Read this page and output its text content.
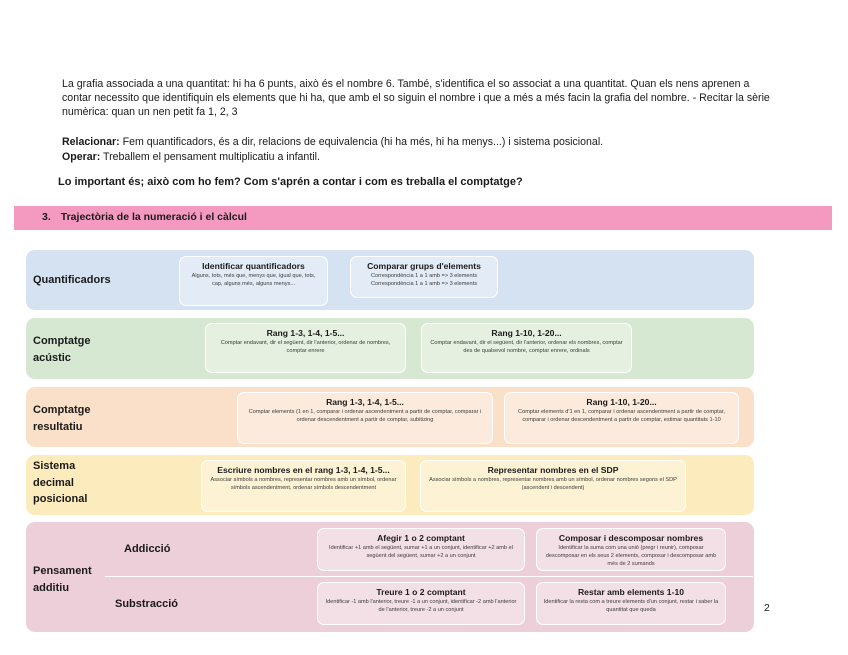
La grafia associada a una quantitat: hi ha 6 punts, això és el nombre 6. També, s'identifica el so associat a una quantitat. Quan els nens aprenen a contar necessito que identifiquin els elements que hi ha, que amb el so siguin el nombre i que a més a més facin la grafia del nombre. - Recitar la sèrie numèrica: quan un nen petit fa 1, 2, 3

Relacionar: Fem quantificadors, és a dir, relacions de equivalencia (hi ha més, hi ha menys...) i sistema posicional.

Operar: Treballem el pensament multiplicatiu a infantil.

Lo important és; això com ho fem? Com s'aprén a contar i com es treballa el comptatge?

3. Trajectòria de la numeració i el càlcul
Quantificadors
Identificar quantificadors
Alguns, tots, més que, menys que, igual que, tots, cap, alguns més, alguns menys...
Comparar grups d'elements
Correspondència 1 a 1 amb => 3 elements Correspondència 1 a 1 amb => 3 elements
Comptatge
acústic
Rang 1-3, 1-4, 1-5...
Comptar endavant, dir el següent, dir l'anterior, ordenar de nombres, comptar enrere
Rang 1-10, 1-20...
Comptar endavant, dir el següent, dir l'anterior, ordenar els nombres, comptar des de qualsevol nombre, comptar enrere, ordinals
Comptatge
resultatiu
Rang 1-3, 1-4, 1-5...
Comptar elements (1 en 1, comparar i ordenar ascendentment a partir de comptar, comparar i ordenar descendentment a partir de comptar, subitizing
Rang 1-10, 1-20...
Comptar elements d'1 en 1, comparar i ordenar ascendentment a partir de comptar, comparar i ordenar descendentment a partir de comptar, estimar quantitats 1-10
Sistema
decimal
posicional
Escriure nombres en el rang 1-3, 1-4, 1-5...
Associar símbols a nombres, representar nombres amb un símbol, ordenar símbols ascendentment, ordenar símbols descendentment
Representar nombres en el SDP
Associar símbols a nombres, representar nombres amb un símbol, ordenar nombres segons el SDP (ascendent i descendent)
Pensament
additiu
Addicció
Substracció
Afegir 1 o 2 comptant
Identificar +1 amb el següent, sumar +1 a un conjunt, identificar +2 amb el següent del següent, sumar +2 a un conjunt
Composar i descomposar nombres
Identificar la suma com una unió (pregr i reunir), composar descomposar en els seus 2 elements, composar i descomposar amb més de 2 sumands
Treure 1 o 2 comptant
Identificar -1 amb l'anterior, treure -1 a un conjunt, identificar -2 amb l'anterior de l'anterior, treure -2 a un conjunt
Restar amb elements 1-10
Identificar la resta com a treure elements d'un conjunt, restar i saber la quantitat que queda	2
